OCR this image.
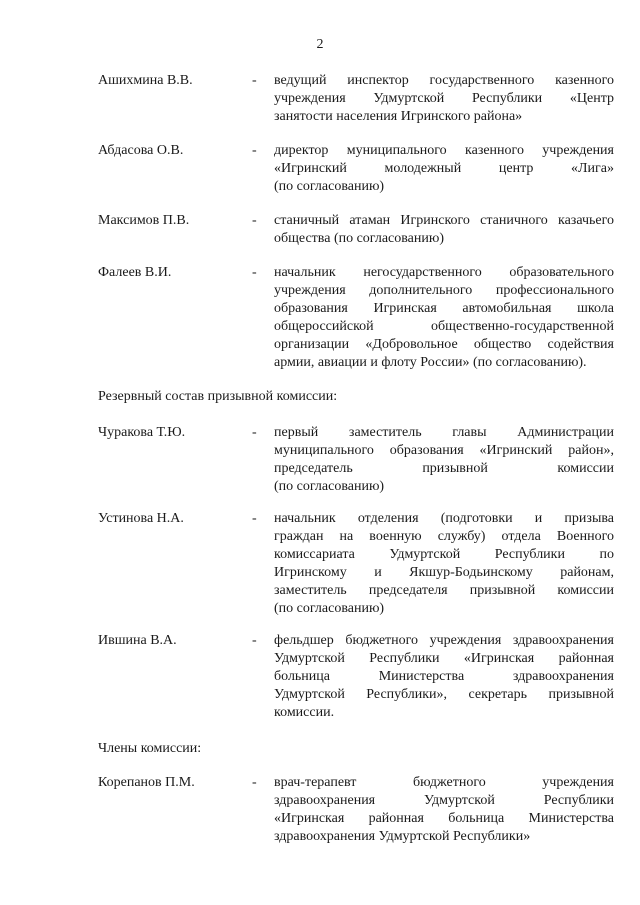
2
Ашихмина В.В.	- ведущий инспектор государственного казенного
учреждения Удмуртской Республики «Центр
занятости населения Игринского района»
Абдасова О.В.	- директор муниципального казенного учреждения
«Игринский молодежный центр «Лига»
(по согласованию)
Максимов П.В.	- станичный атаман Игринского станичного казачьего
общества (по согласованию)
Фалеев В.И.	- начальник негосударственного образовательного
учреждения дополнительного профессионального
образования Игринская автомобильная школа
общероссийской общественно-государственной
организации «Добровольное общество содействия
армии, авиации и флоту России» (по согласованию).
Резервный состав призывной комиссии:
Чуракова Т.Ю.	- первый заместитель главы Администрации
муниципального образования «Игринский район»,
председатель призывной комиссии
(по согласованию)
Устинова Н.А.	- начальник отделения (подготовки и призыва
граждан на военную службу) отдела Военного
комиссариата Удмуртской Республики по
Игринскому и Якшур-Бодьинскому районам,
заместитель председателя призывной комиссии
(по согласованию)
Ившина В.А.	- фельдшер бюджетного учреждения здравоохранения
Удмуртской Республики «Игринская районная
больница Министерства здравоохранения
Удмуртской Республики», секретарь призывной
комиссии.
Члены комиссии:
Корепанов П.М.	- врач-терапевт бюджетного учреждения
здравоохранения Удмуртской Республики
«Игринская районная больница Министерства
здравоохранения Удмуртской Республики»
